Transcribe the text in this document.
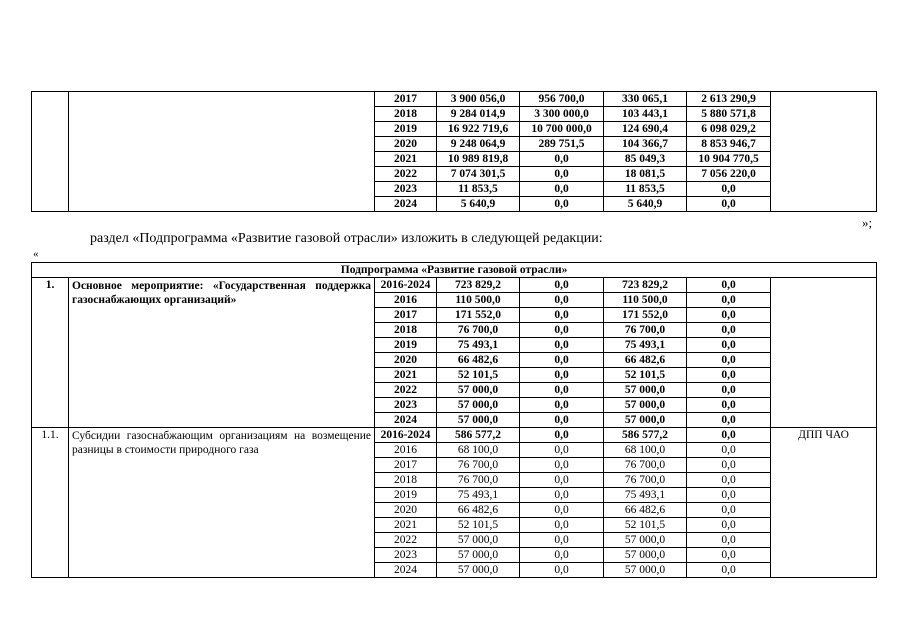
		2017	3 900 056,0	956 700,0	330 065,1	2 613 290,9	
		2018	9 284 014,9	3 300 000,0	103 443,1	5 880 571,8	
		2019	16 922 719,6	10 700 000,0	124 690,4	6 098 029,2	
		2020	9 248 064,9	289 751,5	104 366,7	8 853 946,7	
		2021	10 989 819,8	0,0	85 049,3	10 904 770,5	
		2022	7 074 301,5	0,0	18 081,5	7 056 220,0	
		2023	11 853,5	0,0	11 853,5	0,0	
		2024	5 640,9	0,0	5 640,9	0,0	
»;
раздел «Подпрограмма «Развитие газовой отрасли» изложить в следующей редакции:
«
Подпрограмма «Развитие газовой отрасли»							
1.	Основное мероприятие: «Государственная поддержка газоснабжающих организаций»	2016-2024	723 829,2	0,0	723 829,2	0,0	
		2016	110 500,0	0,0	110 500,0	0,0	
		2017	171 552,0	0,0	171 552,0	0,0	
		2018	76 700,0	0,0	76 700,0	0,0	
		2019	75 493,1	0,0	75 493,1	0,0	
		2020	66 482,6	0,0	66 482,6	0,0	
		2021	52 101,5	0,0	52 101,5	0,0	
		2022	57 000,0	0,0	57 000,0	0,0	
		2023	57 000,0	0,0	57 000,0	0,0	
		2024	57 000,0	0,0	57 000,0	0,0	
1.1.	Субсидии газоснабжающим организациям на возмещение разницы в стоимости природного газа	2016-2024	586 577,2	0,0	586 577,2	0,0	ДПП ЧАО
		2016	68 100,0	0,0	68 100,0	0,0	
		2017	76 700,0	0,0	76 700,0	0,0	
		2018	76 700,0	0,0	76 700,0	0,0	
		2019	75 493,1	0,0	75 493,1	0,0	
		2020	66 482,6	0,0	66 482,6	0,0	
		2021	52 101,5	0,0	52 101,5	0,0	
		2022	57 000,0	0,0	57 000,0	0,0	
		2023	57 000,0	0,0	57 000,0	0,0	
		2024	57 000,0	0,0	57 000,0	0,0	
